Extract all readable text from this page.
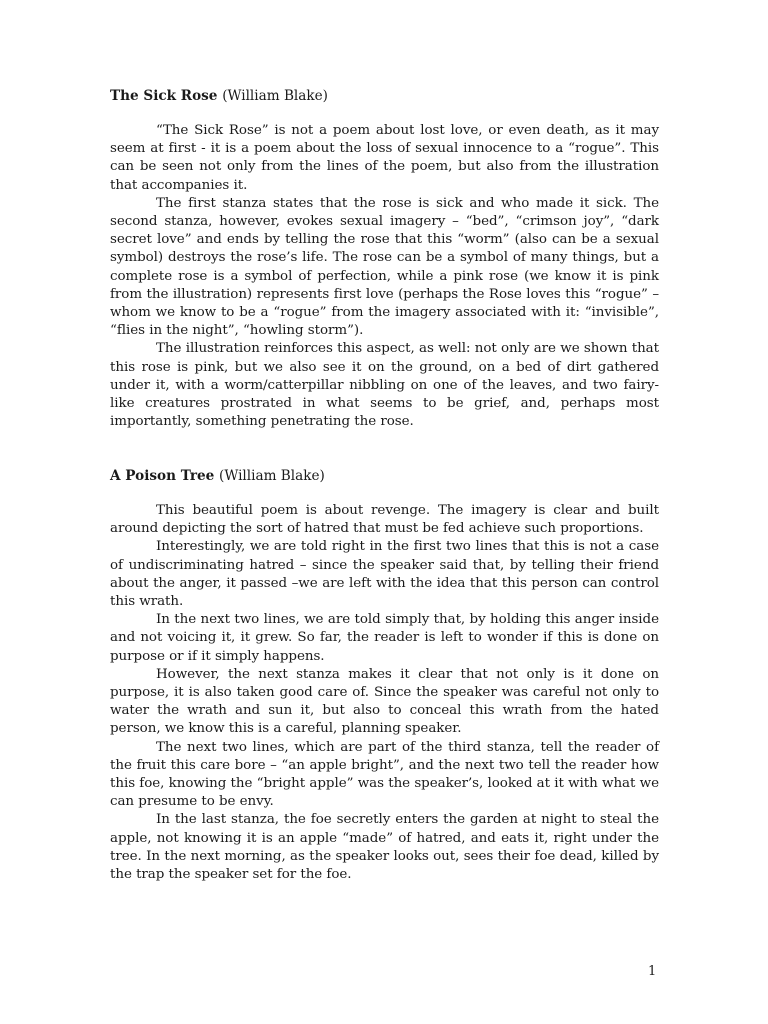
The Sick Rose (William Blake)

“The Sick Rose” is not a poem about lost love, or even death, as it may seem at first - it is a poem about the loss of sexual innocence to a “rogue”. This can be seen not only from the lines of the poem, but also from the illustration that accompanies it.

The first stanza states that the rose is sick and who made it sick. The second stanza, however, evokes sexual imagery – “bed”, “crimson joy”, “dark secret love” and ends by telling the rose that this “worm” (also can be a sexual symbol) destroys the rose’s life. The rose can be a symbol of many things, but a complete rose is a symbol of perfection, while a pink rose (we know it is pink from the illustration) represents first love (perhaps the Rose loves this “rogue” – whom we know to be a “rogue” from the imagery associated with it: “invisible”, “flies in the night”, “howling storm”).

The illustration reinforces this aspect, as well: not only are we shown that this rose is pink, but we also see it on the ground, on a bed of dirt gathered under it, with a worm/catterpillar nibbling on one of the leaves, and two fairy-like creatures prostrated in what seems to be grief, and, perhaps most importantly, something penetrating the rose.

A Poison Tree (William Blake)

This beautiful poem is about revenge. The imagery is clear and built around depicting the sort of hatred that must be fed achieve such proportions.

Interestingly, we are told right in the first two lines that this is not a case of undiscriminating hatred – since the speaker said that, by telling their friend about the anger, it passed –we are left with the idea that this person can control this wrath.

In the next two lines, we are told simply that, by holding this anger inside and not voicing it, it grew. So far, the reader is left to wonder if this is done on purpose or if it simply happens.

However, the next stanza makes it clear that not only is it done on purpose, it is also taken good care of. Since the speaker was careful not only to water the wrath and sun it, but also to conceal this wrath from the hated person, we know this is a careful, planning speaker.

The next two lines, which are part of the third stanza, tell the reader of the fruit this care bore – “an apple bright”, and the next two tell the reader how this foe, knowing the “bright apple” was the speaker’s, looked at it with what we can presume to be envy.

In the last stanza, the foe secretly enters the garden at night to steal the apple, not knowing it is an apple “made” of hatred, and eats it, right under the tree. In the next morning, as the speaker looks out, sees their foe dead, killed by the trap the speaker set for the foe.

1
